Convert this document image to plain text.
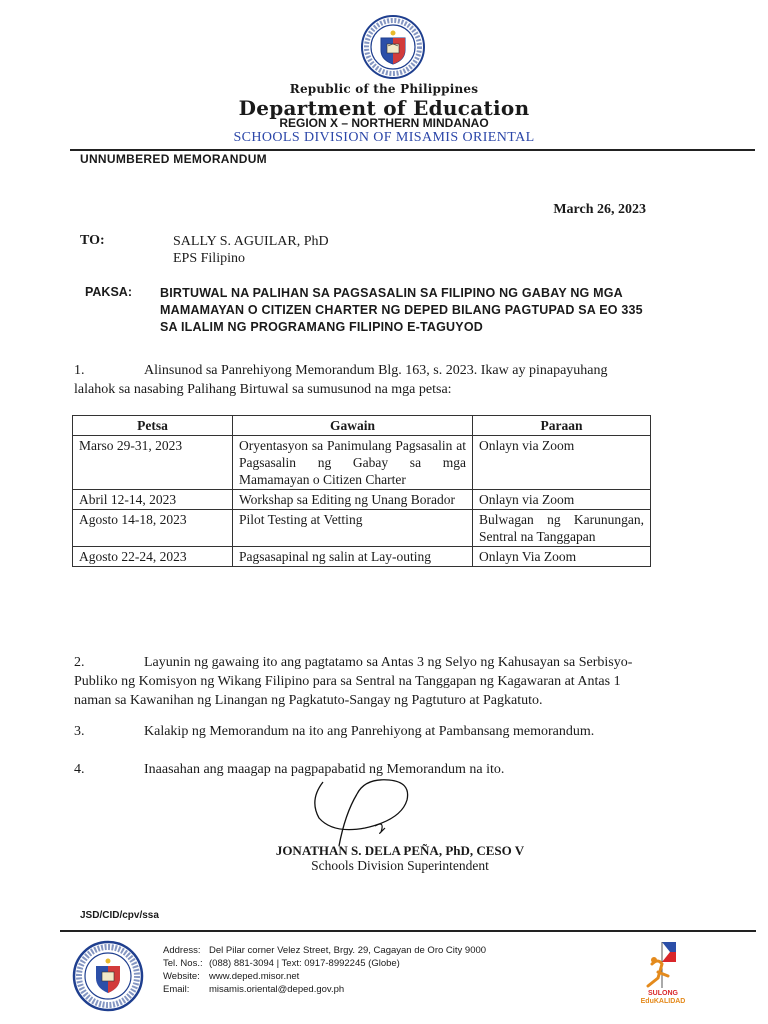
Republic of the Philippines
Department of Education
REGION X – NORTHERN MINDANAO
SCHOOLS DIVISION OF MISAMIS ORIENTAL
UNNUMBERED MEMORANDUM
March 26, 2023
TO:	SALLY S. AGUILAR, PhD
EPS Filipino
PAKSA: BIRTUWAL NA PALIHAN SA PAGSASALIN SA FILIPINO NG GABAY NG MGA MAMAMAYAN O CITIZEN CHARTER NG DEPED BILANG PAGTUPAD SA EO 335 SA ILALIM NG PROGRAMANG FILIPINO E-TAGUYOD
1.	Alinsunod sa Panrehiyong Memorandum Blg. 163, s. 2023. Ikaw ay pinapayuhang lalahok sa nasabing Palihang Birtuwal sa sumusunod na mga petsa:
Petsa	Gawain	Paraan
Marso 29-31, 2023	Oryentasyon sa Panimulang Pagsasalin at Pagsasalin ng Gabay sa mga Mamamayan o Citizen Charter	Onlayn via Zoom
Abril 12-14, 2023	Workshap sa Editing ng Unang Borador	Onlayn via Zoom
Agosto 14-18, 2023	Pilot Testing at Vetting	Bulwagan ng Karunungan, Sentral na Tanggapan
Agosto 22-24, 2023	Pagsasapinal ng salin at Lay-outing	Onlayn Via Zoom
2.	Layunin ng gawaing ito ang pagtatamo sa Antas 3 ng Selyo ng Kahusayan sa Serbisyo-Publiko ng Komisyon ng Wikang Filipino para sa Sentral na Tanggapan ng Kagawaran at Antas 1 naman sa Kawanihan ng Linangan ng Pagkatuto-Sangay ng Pagtuturo at Pagkatuto.
3.	Kalakip ng Memorandum na ito ang Panrehiyong at Pambansang memorandum.
4.	Inaasahan ang maagap na pagpapabatid ng Memorandum na ito.
JONATHAN S. DELA PEÑA, PhD, CESO V
Schools Division Superintendent
JSD/CID/cpv/ssa
Address: Del Pilar corner Velez Street, Brgy. 29, Cagayan de Oro City 9000
Tel. Nos.: (088) 881-3094 | Text: 0917-8992245 (Globe)
Website: www.deped.misor.net
Email: misamis.oriental@deped.gov.ph	SULONG
EduKALIDAD
